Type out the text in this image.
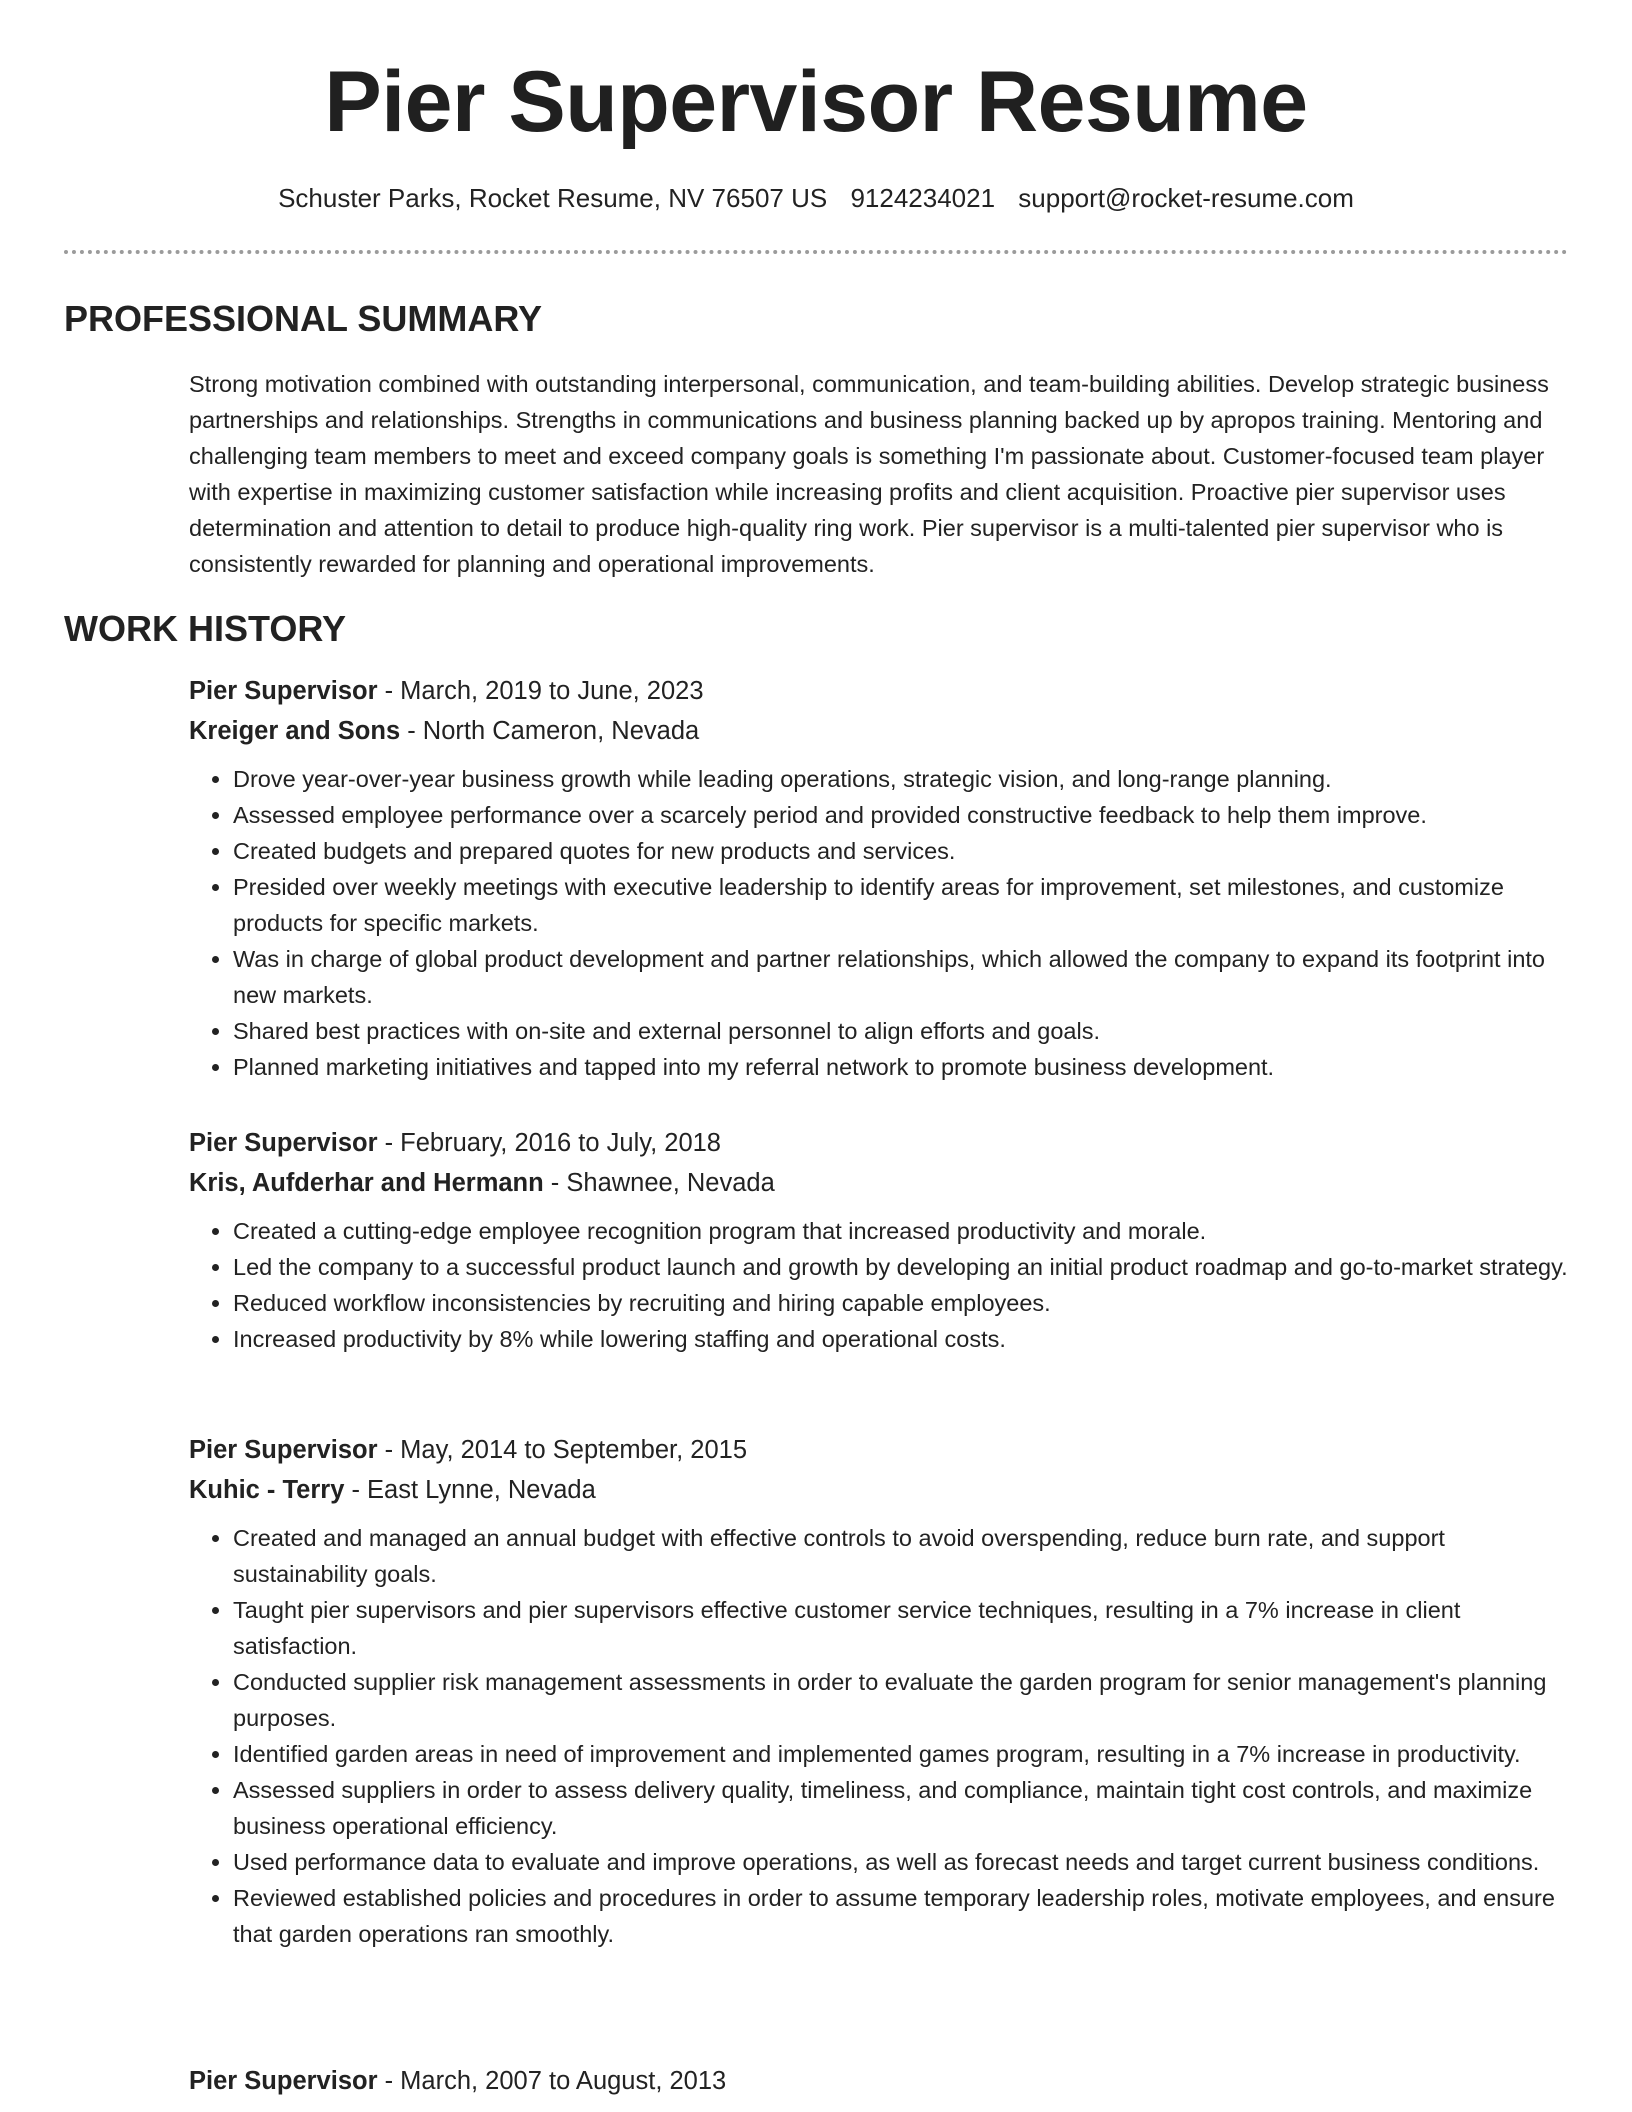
Pier Supervisor Resume
Schuster Parks, Rocket Resume, NV 76507 US 9124234021 support@rocket-resume.com
PROFESSIONAL SUMMARY
Strong motivation combined with outstanding interpersonal, communication, and team-building abilities. Develop strategic business partnerships and relationships. Strengths in communications and business planning backed up by apropos training. Mentoring and challenging team members to meet and exceed company goals is something I'm passionate about. Customer-focused team player with expertise in maximizing customer satisfaction while increasing profits and client acquisition. Proactive pier supervisor uses determination and attention to detail to produce high-quality ring work. Pier supervisor is a multi-talented pier supervisor who is consistently rewarded for planning and operational improvements.
WORK HISTORY
Pier Supervisor - March, 2019 to June, 2023
Kreiger and Sons - North Cameron, Nevada
• Drove year-over-year business growth while leading operations, strategic vision, and long-range planning.
• Assessed employee performance over a scarcely period and provided constructive feedback to help them improve.
• Created budgets and prepared quotes for new products and services.
• Presided over weekly meetings with executive leadership to identify areas for improvement, set milestones, and customize products for specific markets.
• Was in charge of global product development and partner relationships, which allowed the company to expand its footprint into new markets.
• Shared best practices with on-site and external personnel to align efforts and goals.
• Planned marketing initiatives and tapped into my referral network to promote business development.
Pier Supervisor - February, 2016 to July, 2018
Kris, Aufderhar and Hermann - Shawnee, Nevada
• Created a cutting-edge employee recognition program that increased productivity and morale.
• Led the company to a successful product launch and growth by developing an initial product roadmap and go-to-market strategy.
• Reduced workflow inconsistencies by recruiting and hiring capable employees.
• Increased productivity by 8% while lowering staffing and operational costs.
Pier Supervisor - May, 2014 to September, 2015
Kuhic - Terry - East Lynne, Nevada
• Created and managed an annual budget with effective controls to avoid overspending, reduce burn rate, and support sustainability goals.
• Taught pier supervisors and pier supervisors effective customer service techniques, resulting in a 7% increase in client satisfaction.
• Conducted supplier risk management assessments in order to evaluate the garden program for senior management's planning purposes.
• Identified garden areas in need of improvement and implemented games program, resulting in a 7% increase in productivity.
• Assessed suppliers in order to assess delivery quality, timeliness, and compliance, maintain tight cost controls, and maximize business operational efficiency.
• Used performance data to evaluate and improve operations, as well as forecast needs and target current business conditions.
• Reviewed established policies and procedures in order to assume temporary leadership roles, motivate employees, and ensure that garden operations ran smoothly.
Pier Supervisor - March, 2007 to August, 2013
